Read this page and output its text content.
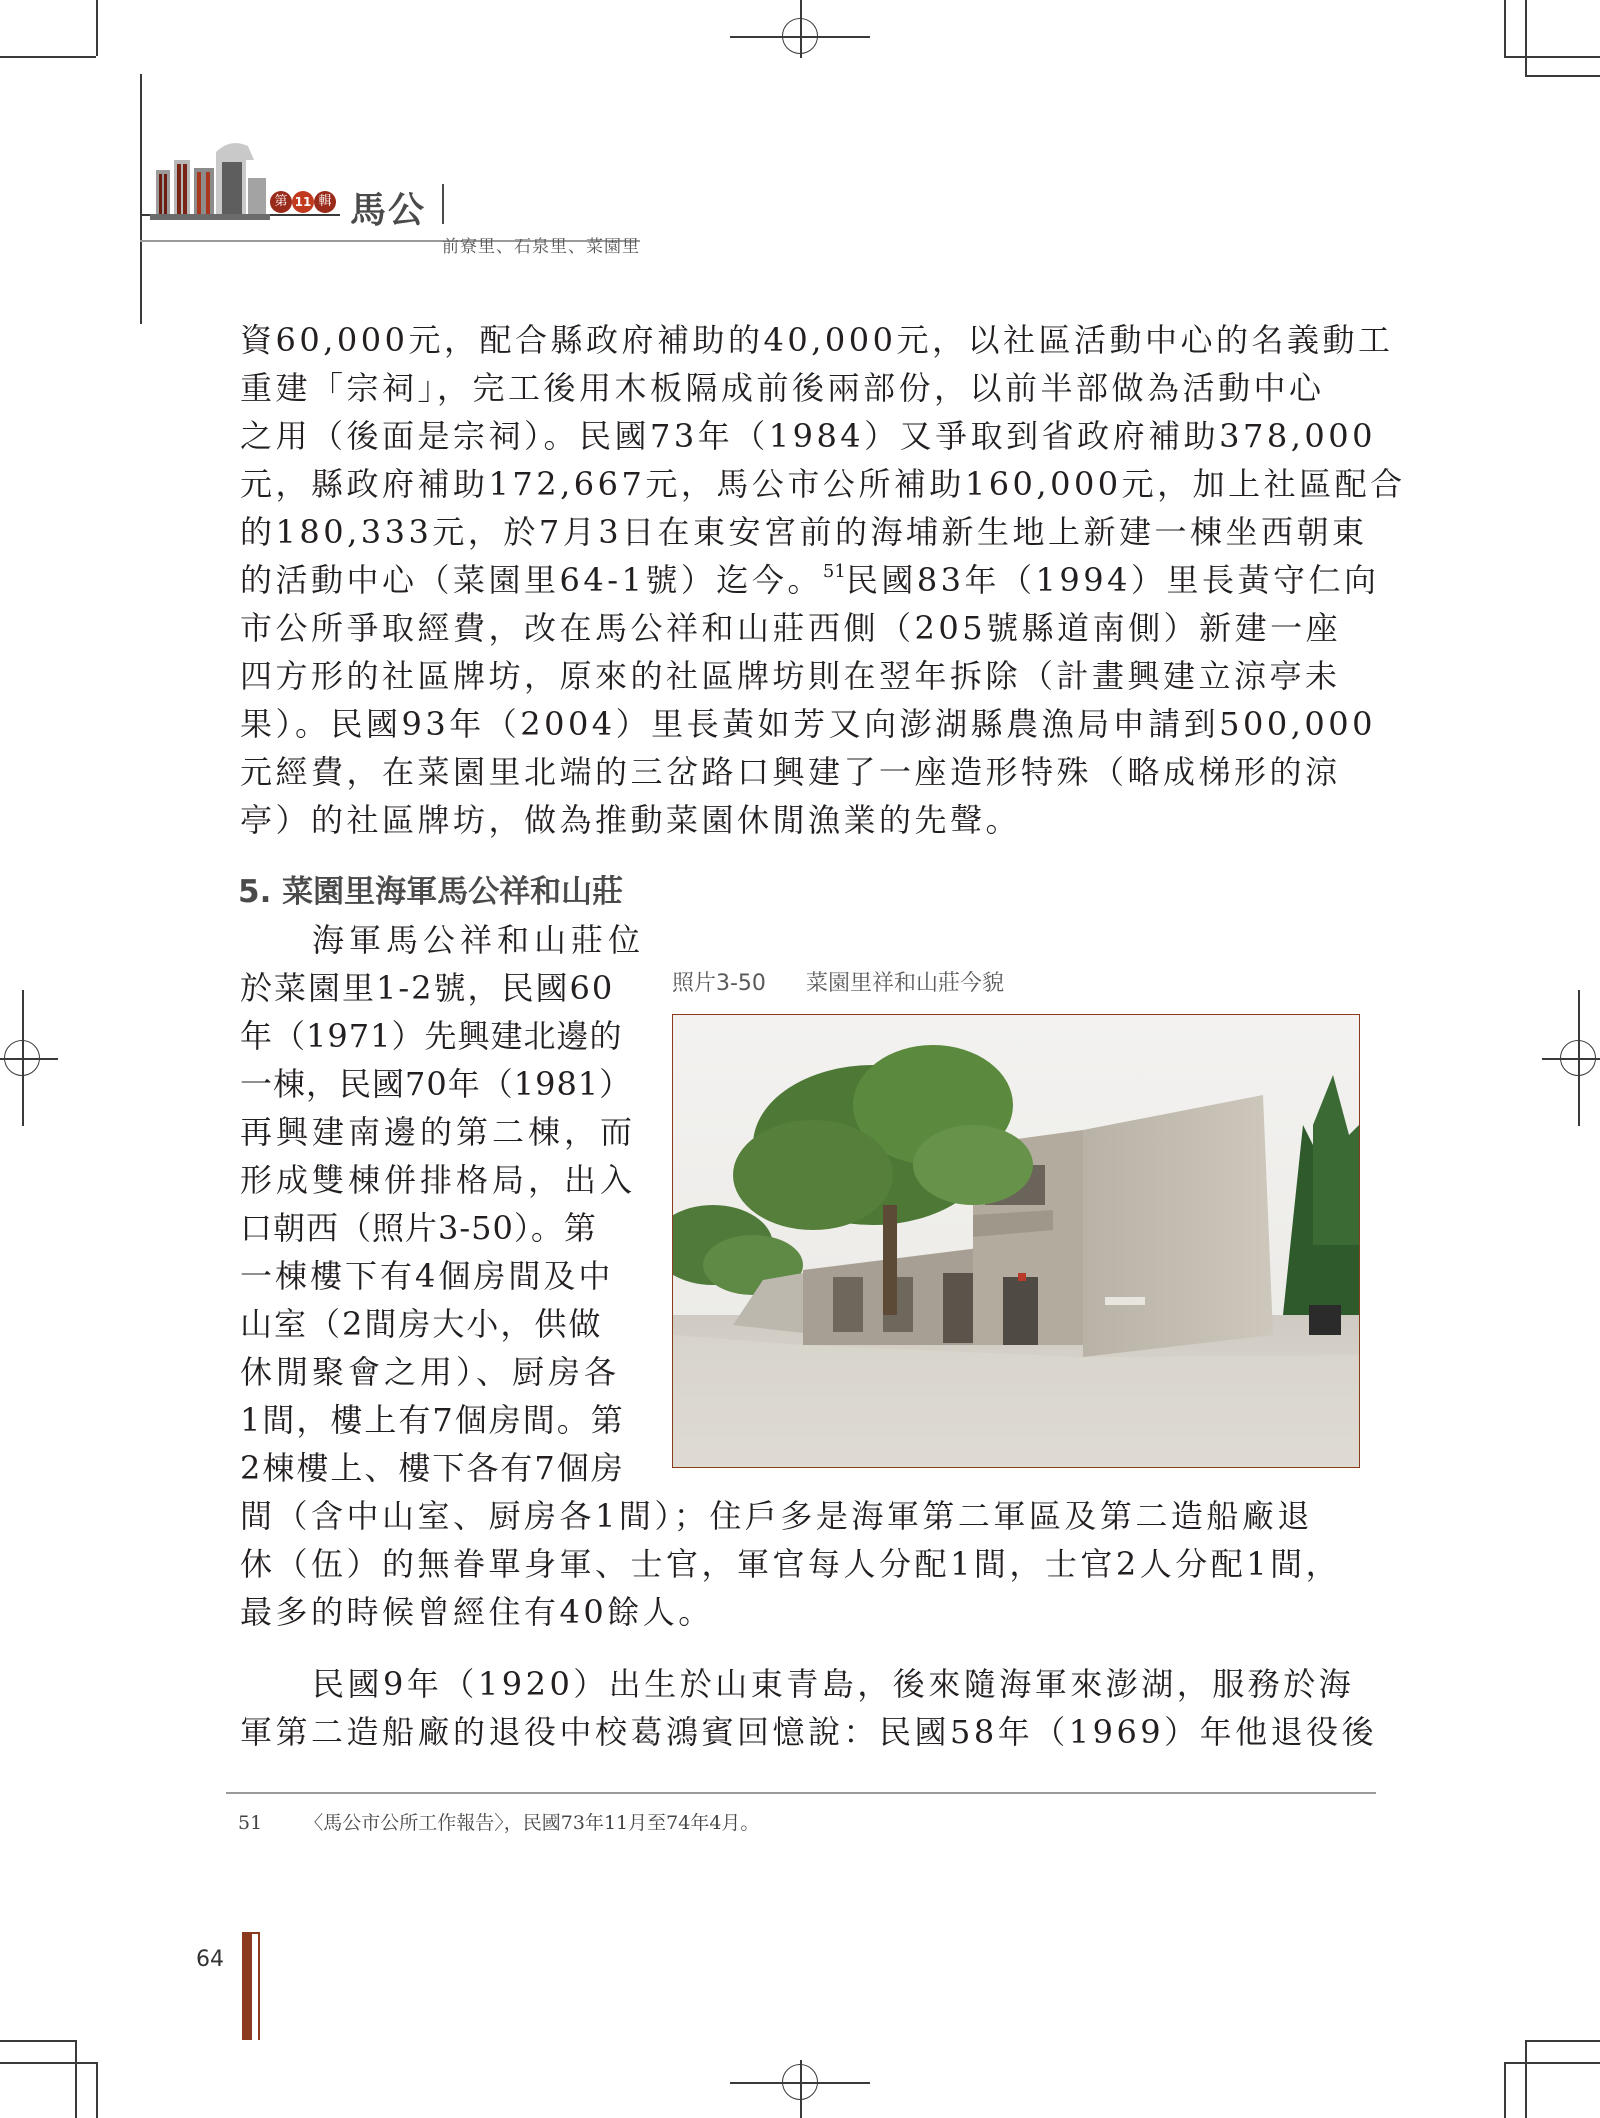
第 11 輯 馬公
前寮里、石泉里、菜園里

資60,000元，配合縣政府補助的40,000元，以社區活動中心的名義動工

重建「宗祠」，完工後用木板隔成前後兩部份，以前半部做為活動中心

之用（後面是宗祠）。民國73年（1984）又爭取到省政府補助378,000

元，縣政府補助172,667元，馬公市公所補助160,000元，加上社區配合

的180,333元，於7月3日在東安宮前的海埔新生地上新建一棟坐西朝東

的活動中心（菜園里64-1號）迄今。$^{51}$民國83年（1994）里長黃守仁向

市公所爭取經費，改在馬公祥和山莊西側（205號縣道南側）新建一座

四方形的社區牌坊，原來的社區牌坊則在翌年拆除（計畫興建立涼亭未

果）。民國93年（2004）里長黃如芳又向澎湖縣農漁局申請到500,000

元經費，在菜園里北端的三岔路口興建了一座造形特殊（略成梯形的涼

亭）的社區牌坊，做為推動菜園休閒漁業的先聲。

5. 菜園里海軍馬公祥和山莊

海軍馬公祥和山莊位

於菜園里1-2號，民國60

年（1971）先興建北邊的

一棟，民國70年（1981）

再興建南邊的第二棟，而

形成雙棟併排格局，出入

口朝西（照片3-50）。第

一棟樓下有4個房間及中

山室（2間房大小，供做

休閒聚會之用）、厨房各

1間，樓上有7個房間。第

2棟樓上、樓下各有7個房

照片3-50 菜園里祥和山莊今貌

間（含中山室、厨房各1間）；住戶多是海軍第二軍區及第二造船廠退

休（伍）的無眷單身軍、士官，軍官每人分配1間，士官2人分配1間，

最多的時候曾經住有40餘人。

民國9年（1920）出生於山東青島，後來隨海軍來澎湖，服務於海

軍第二造船廠的退役中校葛鴻賓回憶說：民國58年（1969）年他退役後

51 〈馬公市公所工作報告〉，民國73年11月至74年4月。
64
